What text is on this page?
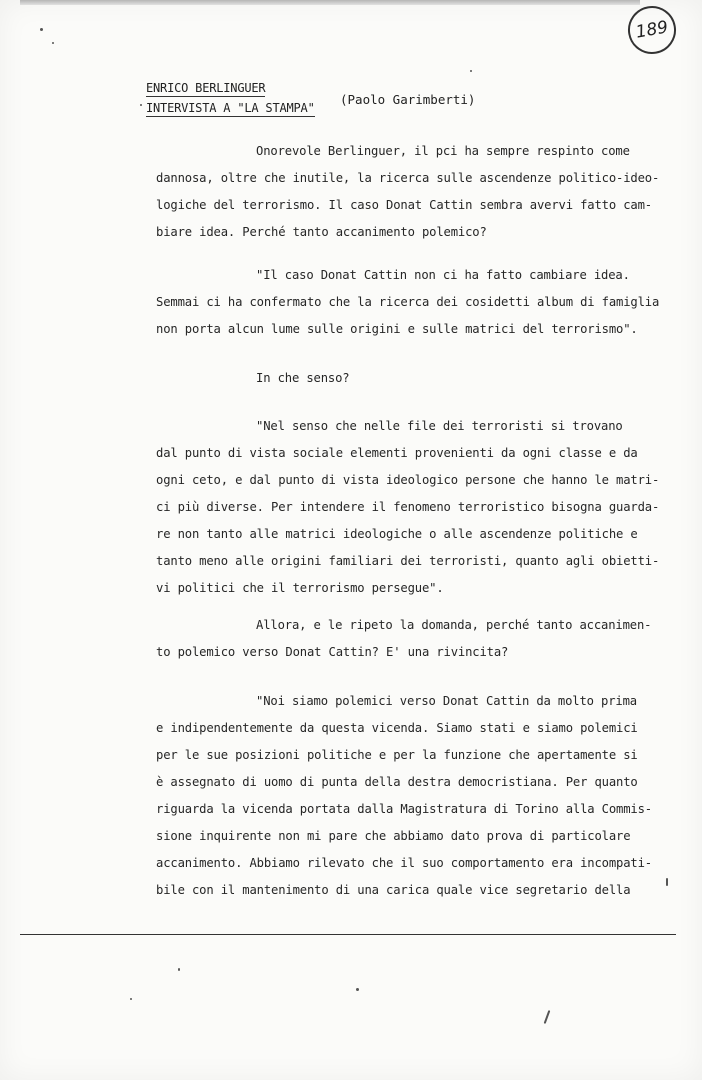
189
ENRICO BERLINGUER
INTERVISTA A "LA STAMPA"
(Paolo Garimberti)
Onorevole Berlinguer, il pci ha sempre respinto come
dannosa, oltre che inutile, la ricerca sulle ascendenze politico-ideo-
logiche del terrorismo. Il caso Donat Cattin sembra avervi fatto cam-
biare idea. Perché tanto accanimento polemico?
"Il caso Donat Cattin non ci ha fatto cambiare idea.
Semmai ci ha confermato che la ricerca dei cosidetti album di famiglia
non porta alcun lume sulle origini e sulle matrici del terrorismo".
In che senso?
"Nel senso che nelle file dei terroristi si trovano
dal punto di vista sociale elementi provenienti da ogni classe e da
ogni ceto, e dal punto di vista ideologico persone che hanno le matri-
ci più diverse. Per intendere il fenomeno terroristico bisogna guarda-
re non tanto alle matrici ideologiche o alle ascendenze politiche e
tanto meno alle origini familiari dei terroristi, quanto agli obietti-
vi politici che il terrorismo persegue".
Allora, e le ripeto la domanda, perché tanto accanimen-
to polemico verso Donat Cattin? E' una rivincita?
"Noi siamo polemici verso Donat Cattin da molto prima
e indipendentemente da questa vicenda. Siamo stati e siamo polemici
per le sue posizioni politiche e per la funzione che apertamente si
è assegnato di uomo di punta della destra democristiana. Per quanto
riguarda la vicenda portata dalla Magistratura di Torino alla Commis-
sione inquirente non mi pare che abbiamo dato prova di particolare
accanimento. Abbiamo rilevato che il suo comportamento era incompati-
bile con il mantenimento di una carica quale vice segretario della
